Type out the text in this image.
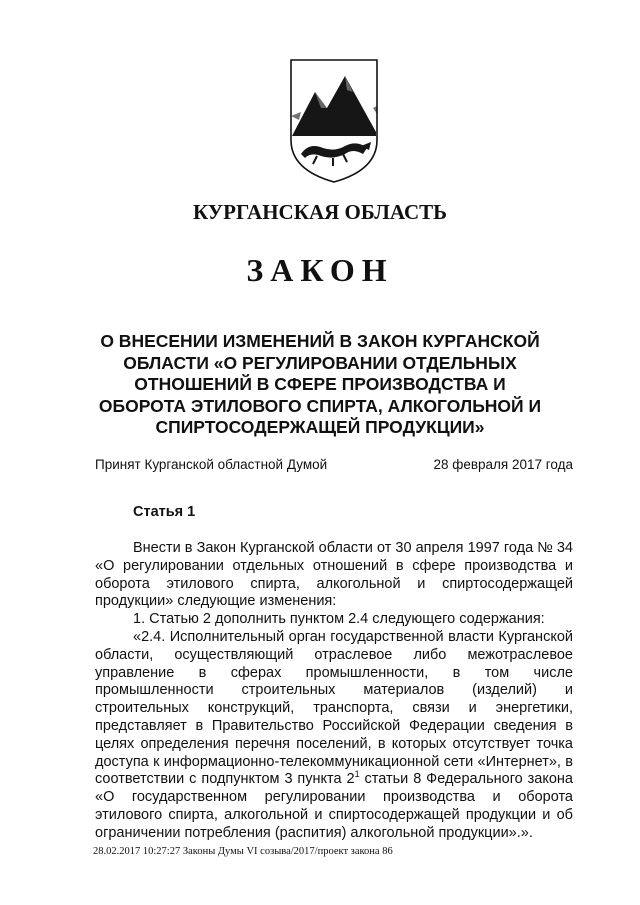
КУРГАНСКАЯ ОБЛАСТЬ
ЗАКОН
О ВНЕСЕНИИ ИЗМЕНЕНИЙ В ЗАКОН КУРГАНСКОЙ ОБЛАСТИ «О РЕГУЛИРОВАНИИ ОТДЕЛЬНЫХ ОТНОШЕНИЙ В СФЕРЕ ПРОИЗВОДСТВА И ОБОРОТА ЭТИЛОВОГО СПИРТА, АЛКОГОЛЬНОЙ И СПИРТОСОДЕРЖАЩЕЙ ПРОДУКЦИИ»
Принят Курганской областной Думой	28 февраля 2017 года
Статья 1

Внести в Закон Курганской области от 30 апреля 1997 года № 34 «О регулировании отдельных отношений в сфере производства и оборота этилового спирта, алкогольной и спиртосодержащей продукции» следующие изменения:

1. Статью 2 дополнить пунктом 2.4 следующего содержания:

«2.4. Исполнительный орган государственной власти Курганской области, осуществляющий отраслевое либо межотраслевое управление в сферах промышленности, в том числе промышленности строительных материалов (изделий) и строительных конструкций, транспорта, связи и энергетики, представляет в Правительство Российской Федерации сведения в целях определения перечня поселений, в которых отсутствует точка доступа к информационно-телекоммуникационной сети «Интернет», в соответствии с подпунктом 3 пункта $2^1$ статьи 8 Федерального закона «О государственном регулировании производства и оборота этилового спирта, алкогольной и спиртосодержащей продукции и об ограничении потребления (распития) алкогольной продукции».».

28.02.2017 10:27:27 Законы Думы VI созыва/2017/проект закона 86
